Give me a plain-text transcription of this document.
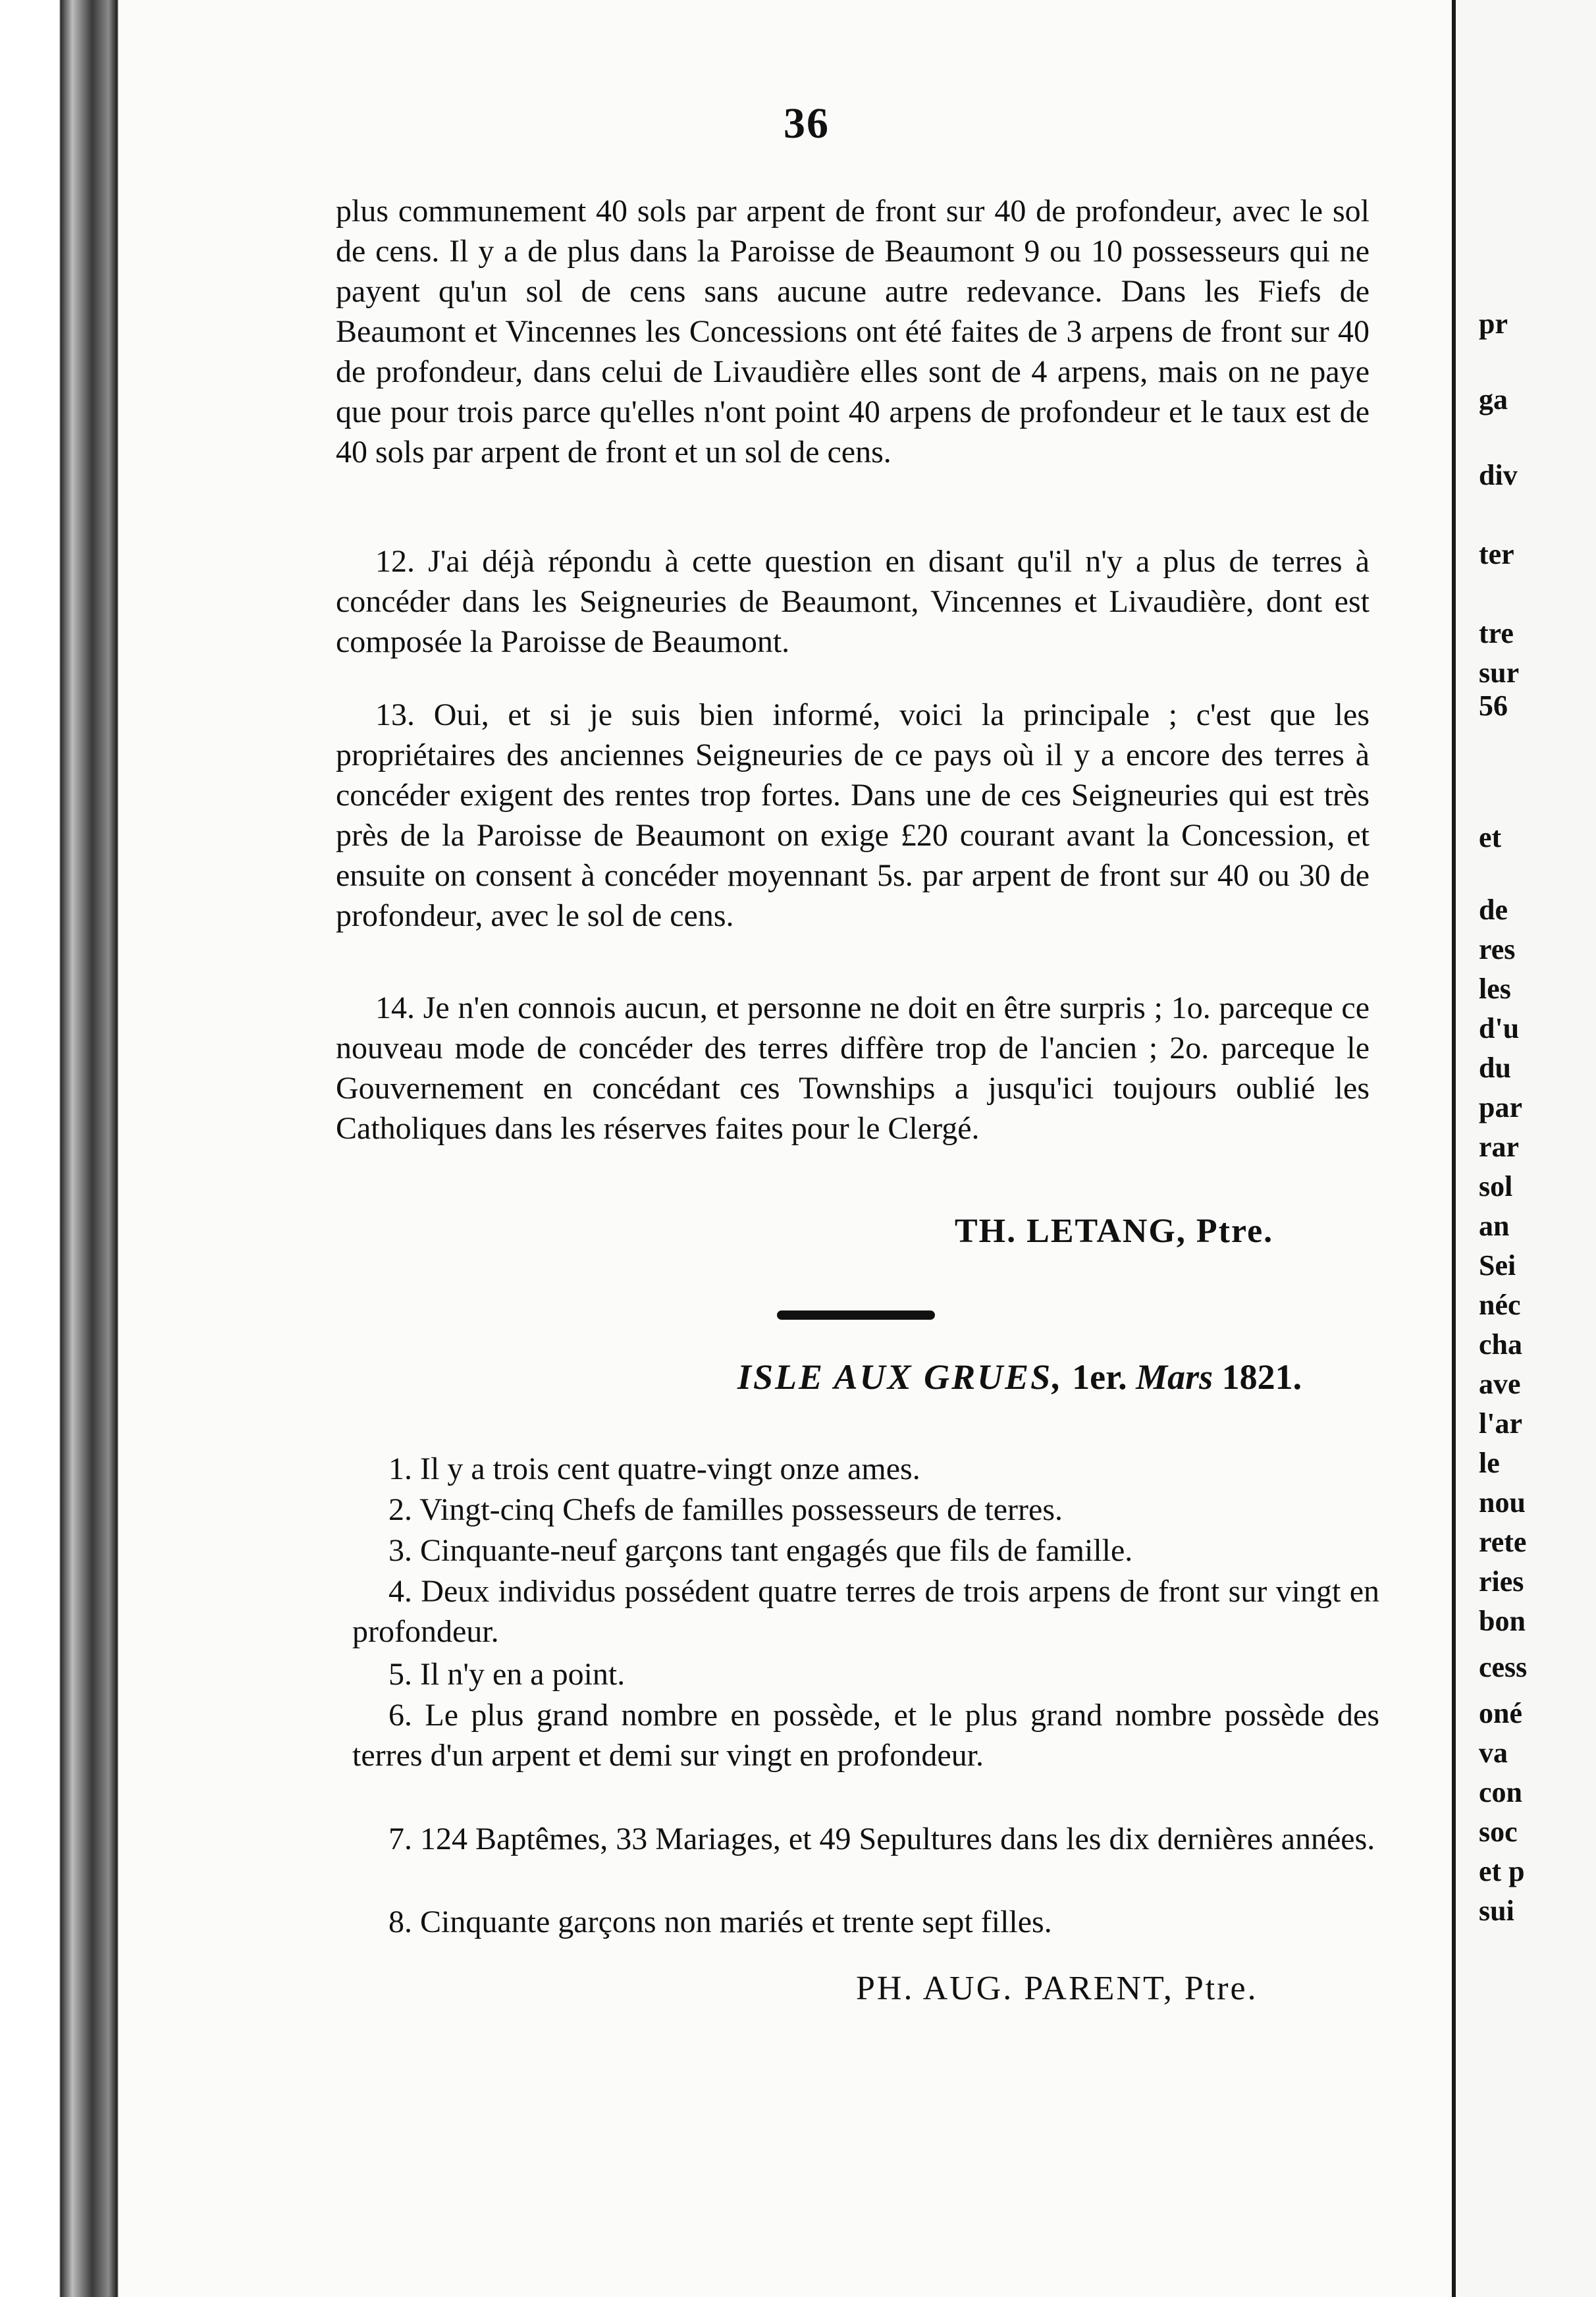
36
plus communement 40 sols par arpent de front sur 40 de profondeur, avec le sol de cens. Il y a de plus dans la Paroisse de Beaumont 9 ou 10 possesseurs qui ne payent qu'un sol de cens sans aucune autre redevance. Dans les Fiefs de Beaumont et Vincennes les Concessions ont été faites de 3 arpens de front sur 40 de profondeur, dans celui de Livaudière elles sont de 4 arpens, mais on ne paye que pour trois parce qu'elles n'ont point 40 arpens de profondeur et le taux est de 40 sols par arpent de front et un sol de cens.
12. J'ai déjà répondu à cette question en disant qu'il n'y a plus de terres à concéder dans les Seigneuries de Beaumont, Vincennes et Livaudière, dont est composée la Paroisse de Beaumont.
13. Oui, et si je suis bien informé, voici la principale ; c'est que les propriétaires des anciennes Seigneuries de ce pays où il y a encore des terres à concéder exigent des rentes trop fortes. Dans une de ces Seigneuries qui est très près de la Paroisse de Beaumont on exige £20 courant avant la Concession, et ensuite on consent à concéder moyennant 5s. par arpent de front sur 40 ou 30 de profondeur, avec le sol de cens.
14. Je n'en connois aucun, et personne ne doit en être surpris ; 1o. parceque ce nouveau mode de concéder des terres diffère trop de l'ancien ; 2o. parceque le Gouvernement en concédant ces Townships a jusqu'ici toujours oublié les Catholiques dans les réserves faites pour le Clergé.
TH. LETANG, Ptre.
ISLE AUX GRUES, 1er. Mars 1821.
1. Il y a trois cent quatre-vingt onze ames.
2. Vingt-cinq Chefs de familles possesseurs de terres.
3. Cinquante-neuf garçons tant engagés que fils de famille.
4. Deux individus possédent quatre terres de trois arpens de front sur vingt en profondeur.
5. Il n'y en a point.
6. Le plus grand nombre en possède, et le plus grand nombre possède des terres d'un arpent et demi sur vingt en profondeur.
7. 124 Baptêmes, 33 Mariages, et 49 Sepultures dans les dix dernières années.
8. Cinquante garçons non mariés et trente sept filles.
PH. AUG. PARENT, Ptre.
pr
ga
div
ter
tre
sur
56
et
de
res
les
d'u
du
par
rar
sol
an
Sei
néc
cha
ave
l'ar
le
nou
rete
ries
bon
cess
oné
va
con
soc
et p
sui
